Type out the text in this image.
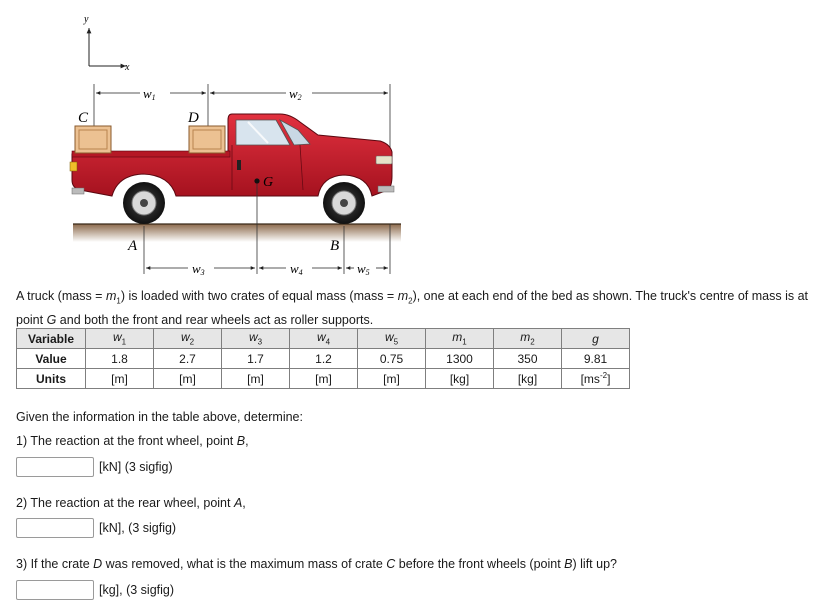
y
x
w1	w2
C	D
G
w3	w4	w5
A	B
A truck (mass = $m_1$) is loaded with two crates of equal mass (mass = $m_2$), one at each end of the bed as shown. The truck's centre of mass is at point G and both the front and rear wheels act as roller supports.
Variable	$w_1$	$w_2$	$w_3$	$w_4$	$w_5$	$m_1$	$m_2$	g
Value	1.8	2.7	1.7	1.2	0.75	1300	350	9.81
Units	[m]	[m]	[m]	[m]	[m]	[kg]	[kg]	$[ms^{-2}]$
Given the information in the table above, determine:
1) The reaction at the front wheel, point B,
[kN] (3 sigfig)
2) The reaction at the rear wheel, point A,
[kN], (3 sigfig)
3) If the crate D was removed, what is the maximum mass of crate C before the front wheels (point B) lift up?
[kg], (3 sigfig)
